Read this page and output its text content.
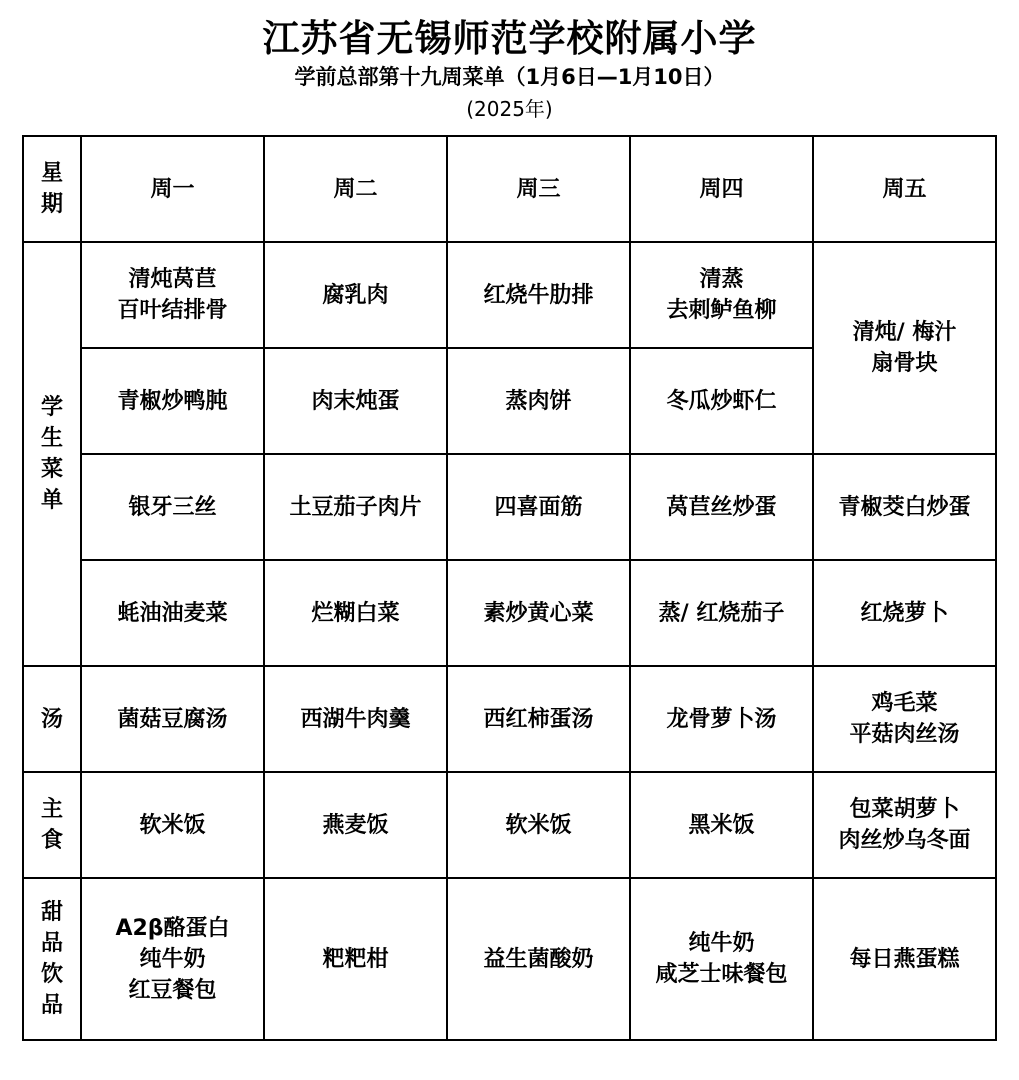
江苏省无锡师范学校附属小学
学前总部第十九周菜单（1月6日—1月10日）
(2025年)
星期	周一	周二	周三	周四	周五

学生菜单	清炖莴苣
百叶结排骨	腐乳肉	红烧牛肋排	清蒸
去刺鲈鱼柳	清炖/ 梅汁
扇骨块

	青椒炒鸭肫	肉末炖蛋	蒸肉饼	冬瓜炒虾仁	
	银牙三丝	土豆茄子肉片	四喜面筋	莴苣丝炒蛋	青椒茭白炒蛋
	蚝油油麦菜	烂糊白菜	素炒黄心菜	蒸/ 红烧茄子	红烧萝卜

汤	菌菇豆腐汤	西湖牛肉羹	西红柿蛋汤	龙骨萝卜汤	鸡毛菜
平菇肉丝汤

主食	软米饭	燕麦饭	软米饭	黑米饭	包菜胡萝卜
肉丝炒乌冬面

甜品饮品	A2β酪蛋白
纯牛奶
红豆餐包	粑粑柑	益生菌酸奶	纯牛奶
咸芝士味餐包	每日燕蛋糕
